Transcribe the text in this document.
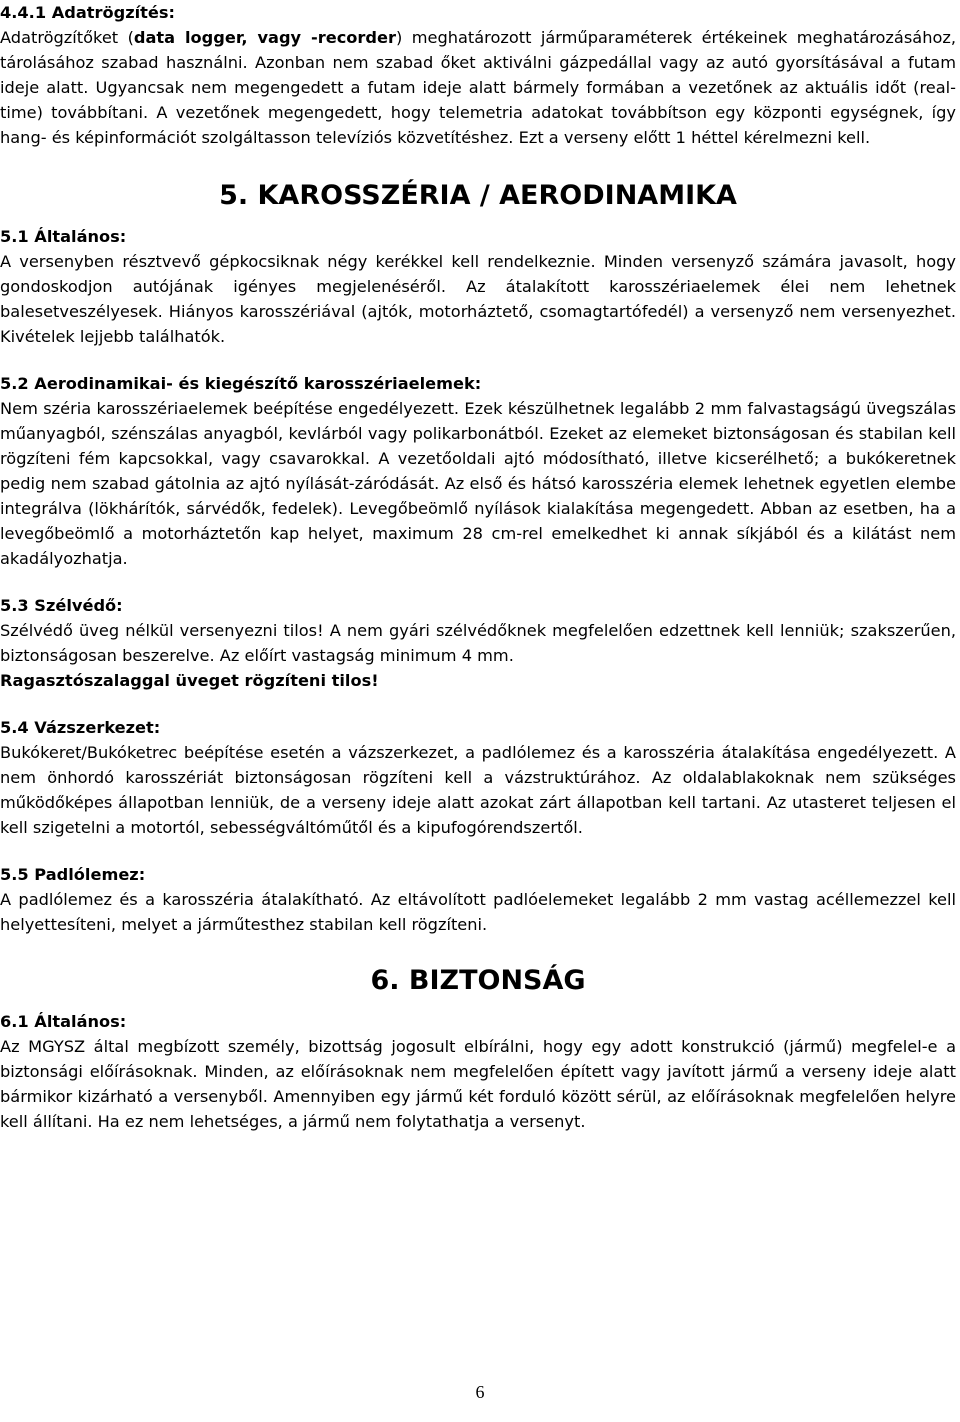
4.4.1 Adatrögzítés:

Adatrögzítőket (data logger, vagy -recorder) meghatározott járműparaméterek értékeinek meghatározásához, tárolásához szabad használni. Azonban nem szabad őket aktiválni gázpedállal vagy az autó gyorsításával a futam ideje alatt. Ugyancsak nem megengedett a futam ideje alatt bármely formában a vezetőnek az aktuális időt (real-time) továbbítani. A vezetőnek megengedett, hogy telemetria adatokat továbbítson egy központi egységnek, így hang- és képinformációt szolgáltasson televíziós közvetítéshez. Ezt a verseny előtt 1 héttel kérelmezni kell.

5. KAROSSZÉRIA / AERODINAMIKA

5.1 Általános:

A versenyben résztvevő gépkocsiknak négy kerékkel kell rendelkeznie. Minden versenyző számára javasolt, hogy gondoskodjon autójának igényes megjelenéséről. Az átalakított karosszériaelemek élei nem lehetnek balesetveszélyesek. Hiányos karosszériával (ajtók, motorháztető, csomagtartófedél) a versenyző nem versenyezhet. Kivételek lejjebb találhatók.

5.2 Aerodinamikai- és kiegészítő karosszériaelemek:

Nem széria karosszériaelemek beépítése engedélyezett. Ezek készülhetnek legalább 2 mm falvastagságú üvegszálas műanyagból, szénszálas anyagból, kevlárból vagy polikarbonátból. Ezeket az elemeket biztonságosan és stabilan kell rögzíteni fém kapcsokkal, vagy csavarokkal. A vezetőoldali ajtó módosítható, illetve kicserélhető; a bukókeretnek pedig nem szabad gátolnia az ajtó nyílását-záródását. Az első és hátsó karosszéria elemek lehetnek egyetlen elembe integrálva (lökhárítók, sárvédők, fedelek). Levegőbeömlő nyílások kialakítása megengedett. Abban az esetben, ha a levegőbeömlő a motorháztetőn kap helyet, maximum 28 cm-rel emelkedhet ki annak síkjából és a kilátást nem akadályozhatja.

5.3 Szélvédő:

Szélvédő üveg nélkül versenyezni tilos! A nem gyári szélvédőknek megfelelően edzettnek kell lenniük; szakszerűen, biztonságosan beszerelve. Az előírt vastagság minimum 4 mm.

Ragasztószalaggal üveget rögzíteni tilos!

5.4 Vázszerkezet:

Bukókeret/Bukóketrec beépítése esetén a vázszerkezet, a padlólemez és a karosszéria átalakítása engedélyezett. A nem önhordó karosszériát biztonságosan rögzíteni kell a vázstruktúrához. Az oldalablakoknak nem szükséges működőképes állapotban lenniük, de a verseny ideje alatt azokat zárt állapotban kell tartani. Az utasteret teljesen el kell szigetelni a motortól, sebességváltóműtől és a kipufogórendszertől.

5.5 Padlólemez:

A padlólemez és a karosszéria átalakítható. Az eltávolított padlóelemeket legalább 2 mm vastag acéllemezzel kell helyettesíteni, melyet a járműtesthez stabilan kell rögzíteni.

6. BIZTONSÁG

6.1 Általános:

Az MGYSZ által megbízott személy, bizottság jogosult elbírálni, hogy egy adott konstrukció (jármű) megfelel-e a biztonsági előírásoknak. Minden, az előírásoknak nem megfelelően épített vagy javított jármű a verseny ideje alatt bármikor kizárható a versenyből. Amennyiben egy jármű két forduló között sérül, az előírásoknak megfelelően helyre kell állítani. Ha ez nem lehetséges, a jármű nem folytathatja a versenyt.

6
